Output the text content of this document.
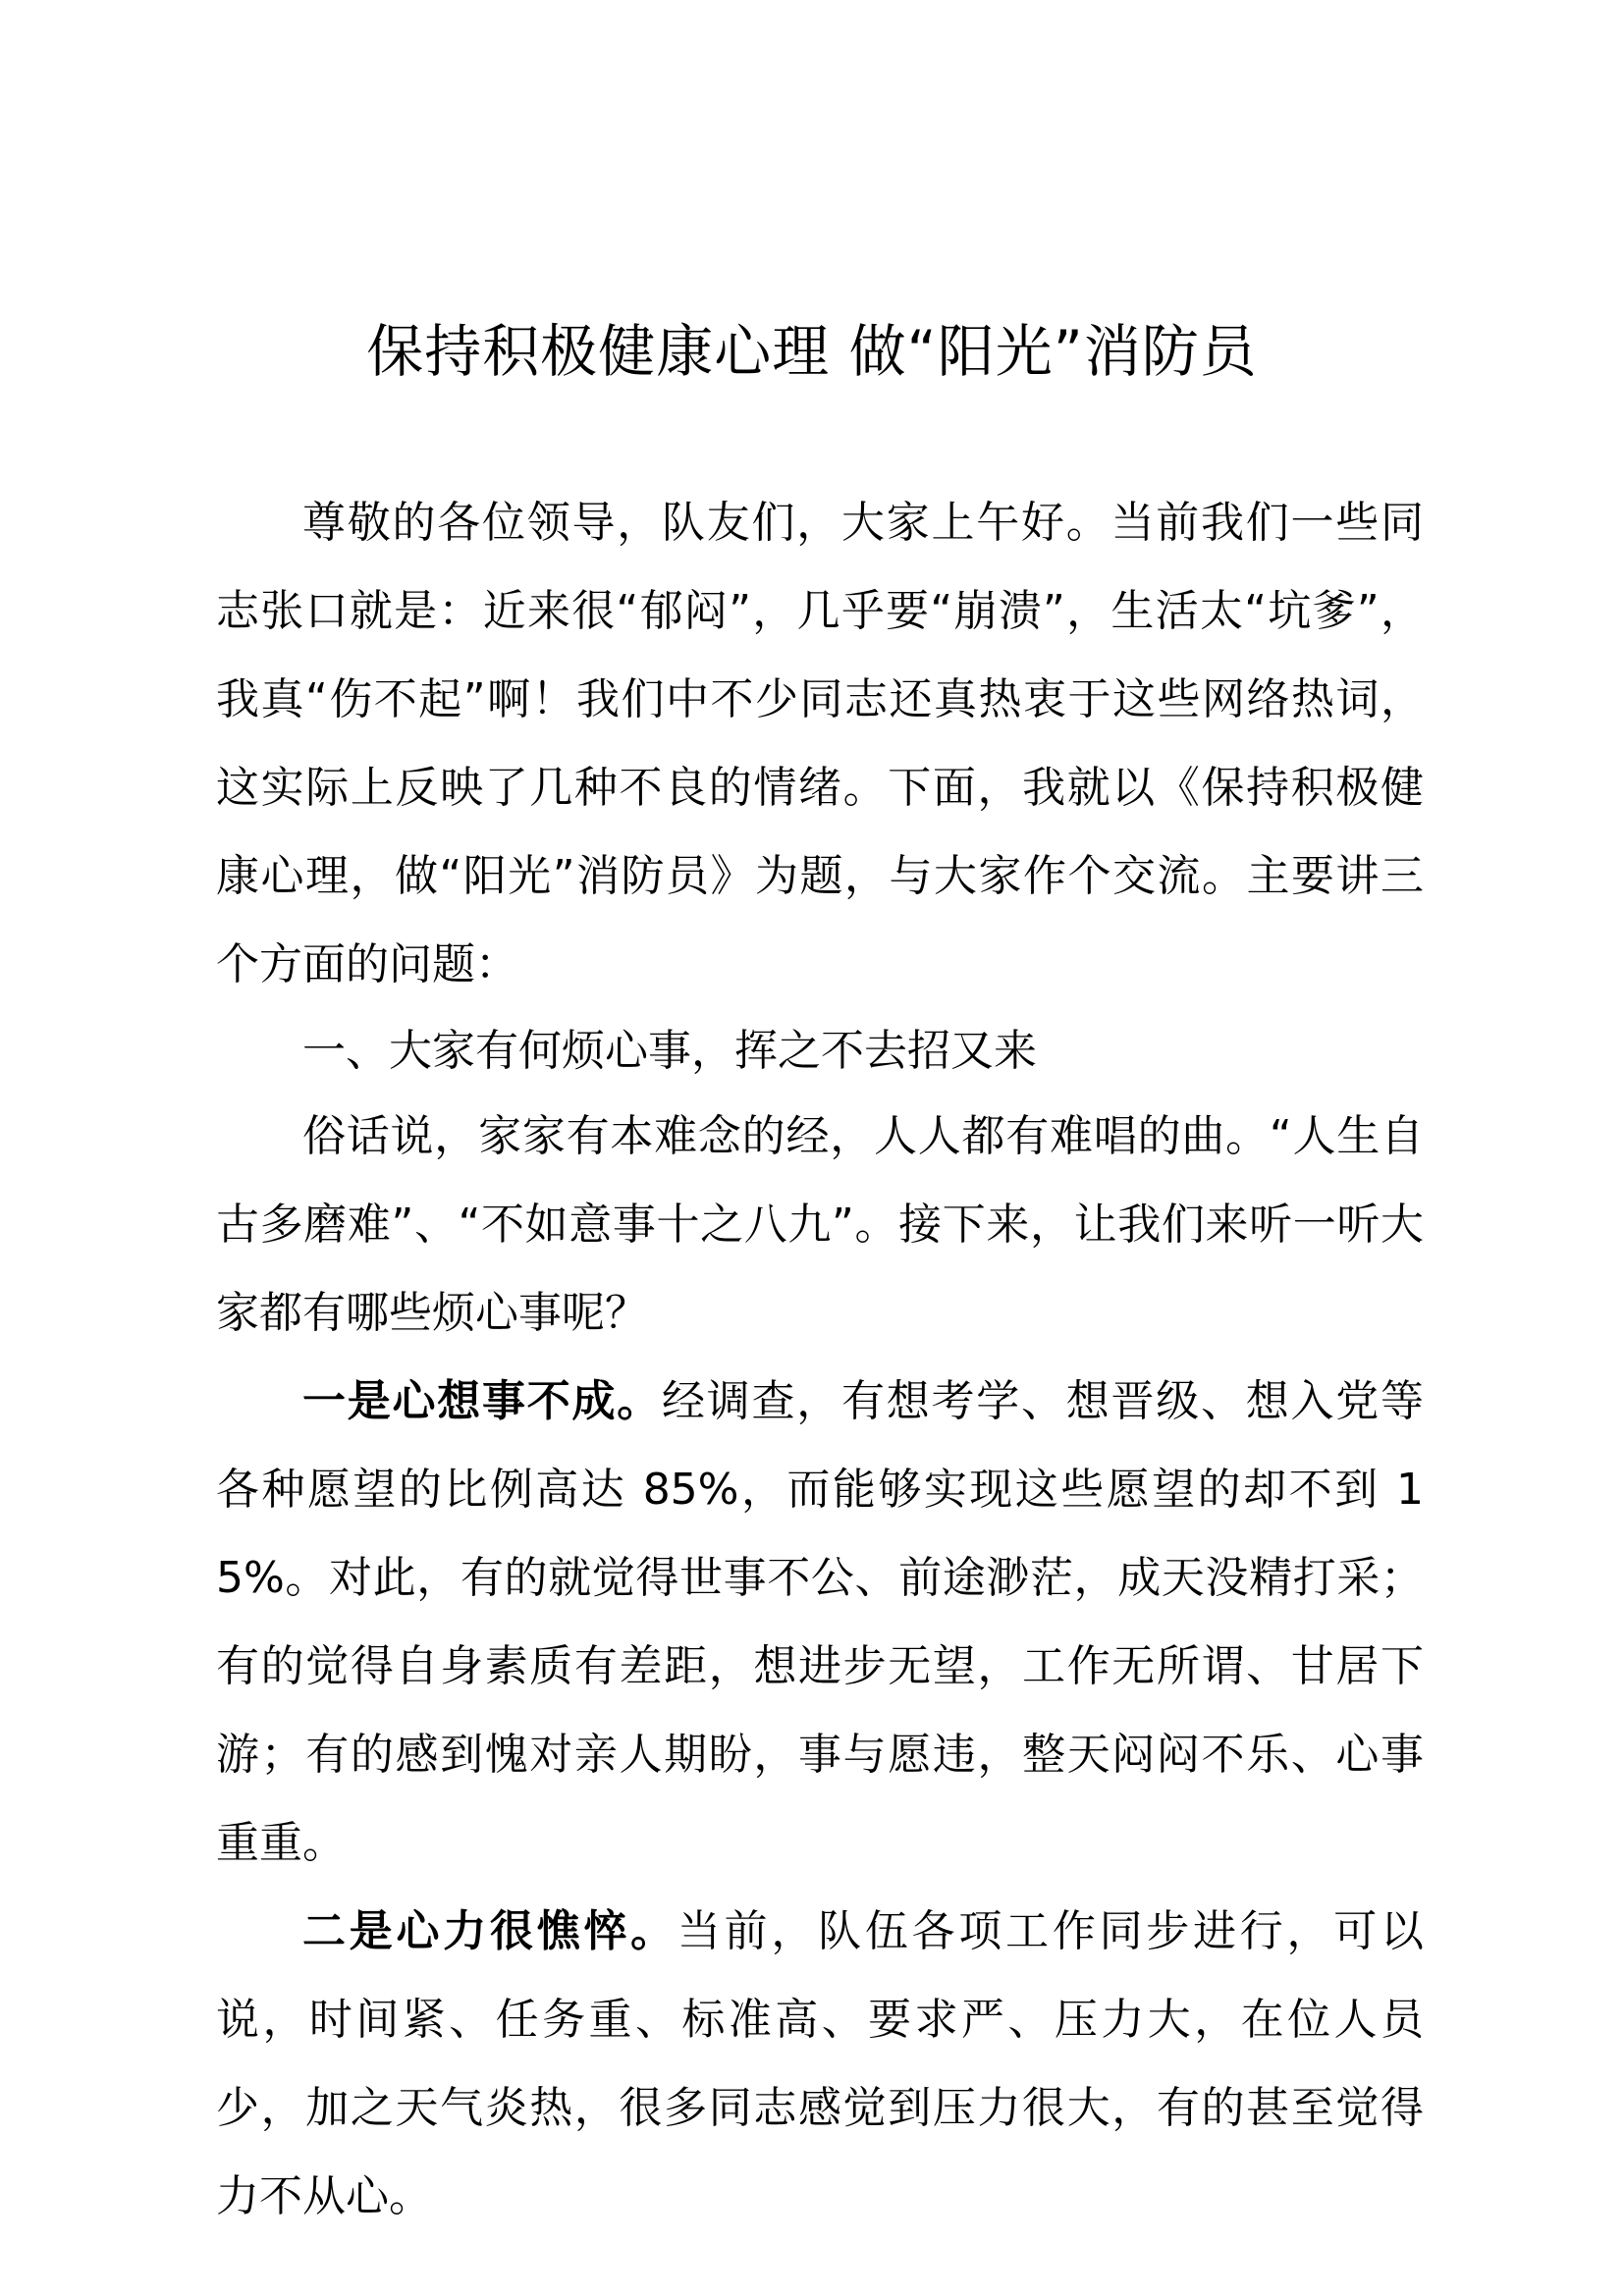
保持积极健康心理 做“阳光”消防员

尊敬的各位领导，队友们，大家上午好。当前我们一些同志张口就是：近来很“郁闷”，几乎要“崩溃”，生活太“坑爹”，我真“伤不起”啊！我们中不少同志还真热衷于这些网络热词，这实际上反映了几种不良的情绪。下面，我就以《保持积极健康心理，做“阳光”消防员》为题，与大家作个交流。主要讲三个方面的问题：

一、大家有何烦心事，挥之不去招又来

俗话说，家家有本难念的经，人人都有难唱的曲。“人生自古多磨难”、“不如意事十之八九”。接下来，让我们来听一听大家都有哪些烦心事呢？

一是心想事不成。经调查，有想考学、想晋级、想入党等各种愿望的比例高达 85%，而能够实现这些愿望的却不到 15%。对此，有的就觉得世事不公、前途渺茫，成天没精打采；有的觉得自身素质有差距，想进步无望，工作无所谓、甘居下游；有的感到愧对亲人期盼，事与愿违，整天闷闷不乐、心事重重。

二是心力很憔悴。当前，队伍各项工作同步进行，可以说，时间紧、任务重、标准高、要求严、压力大，在位人员少，加之天气炎热，很多同志感觉到压力很大，有的甚至觉得力不从心。
